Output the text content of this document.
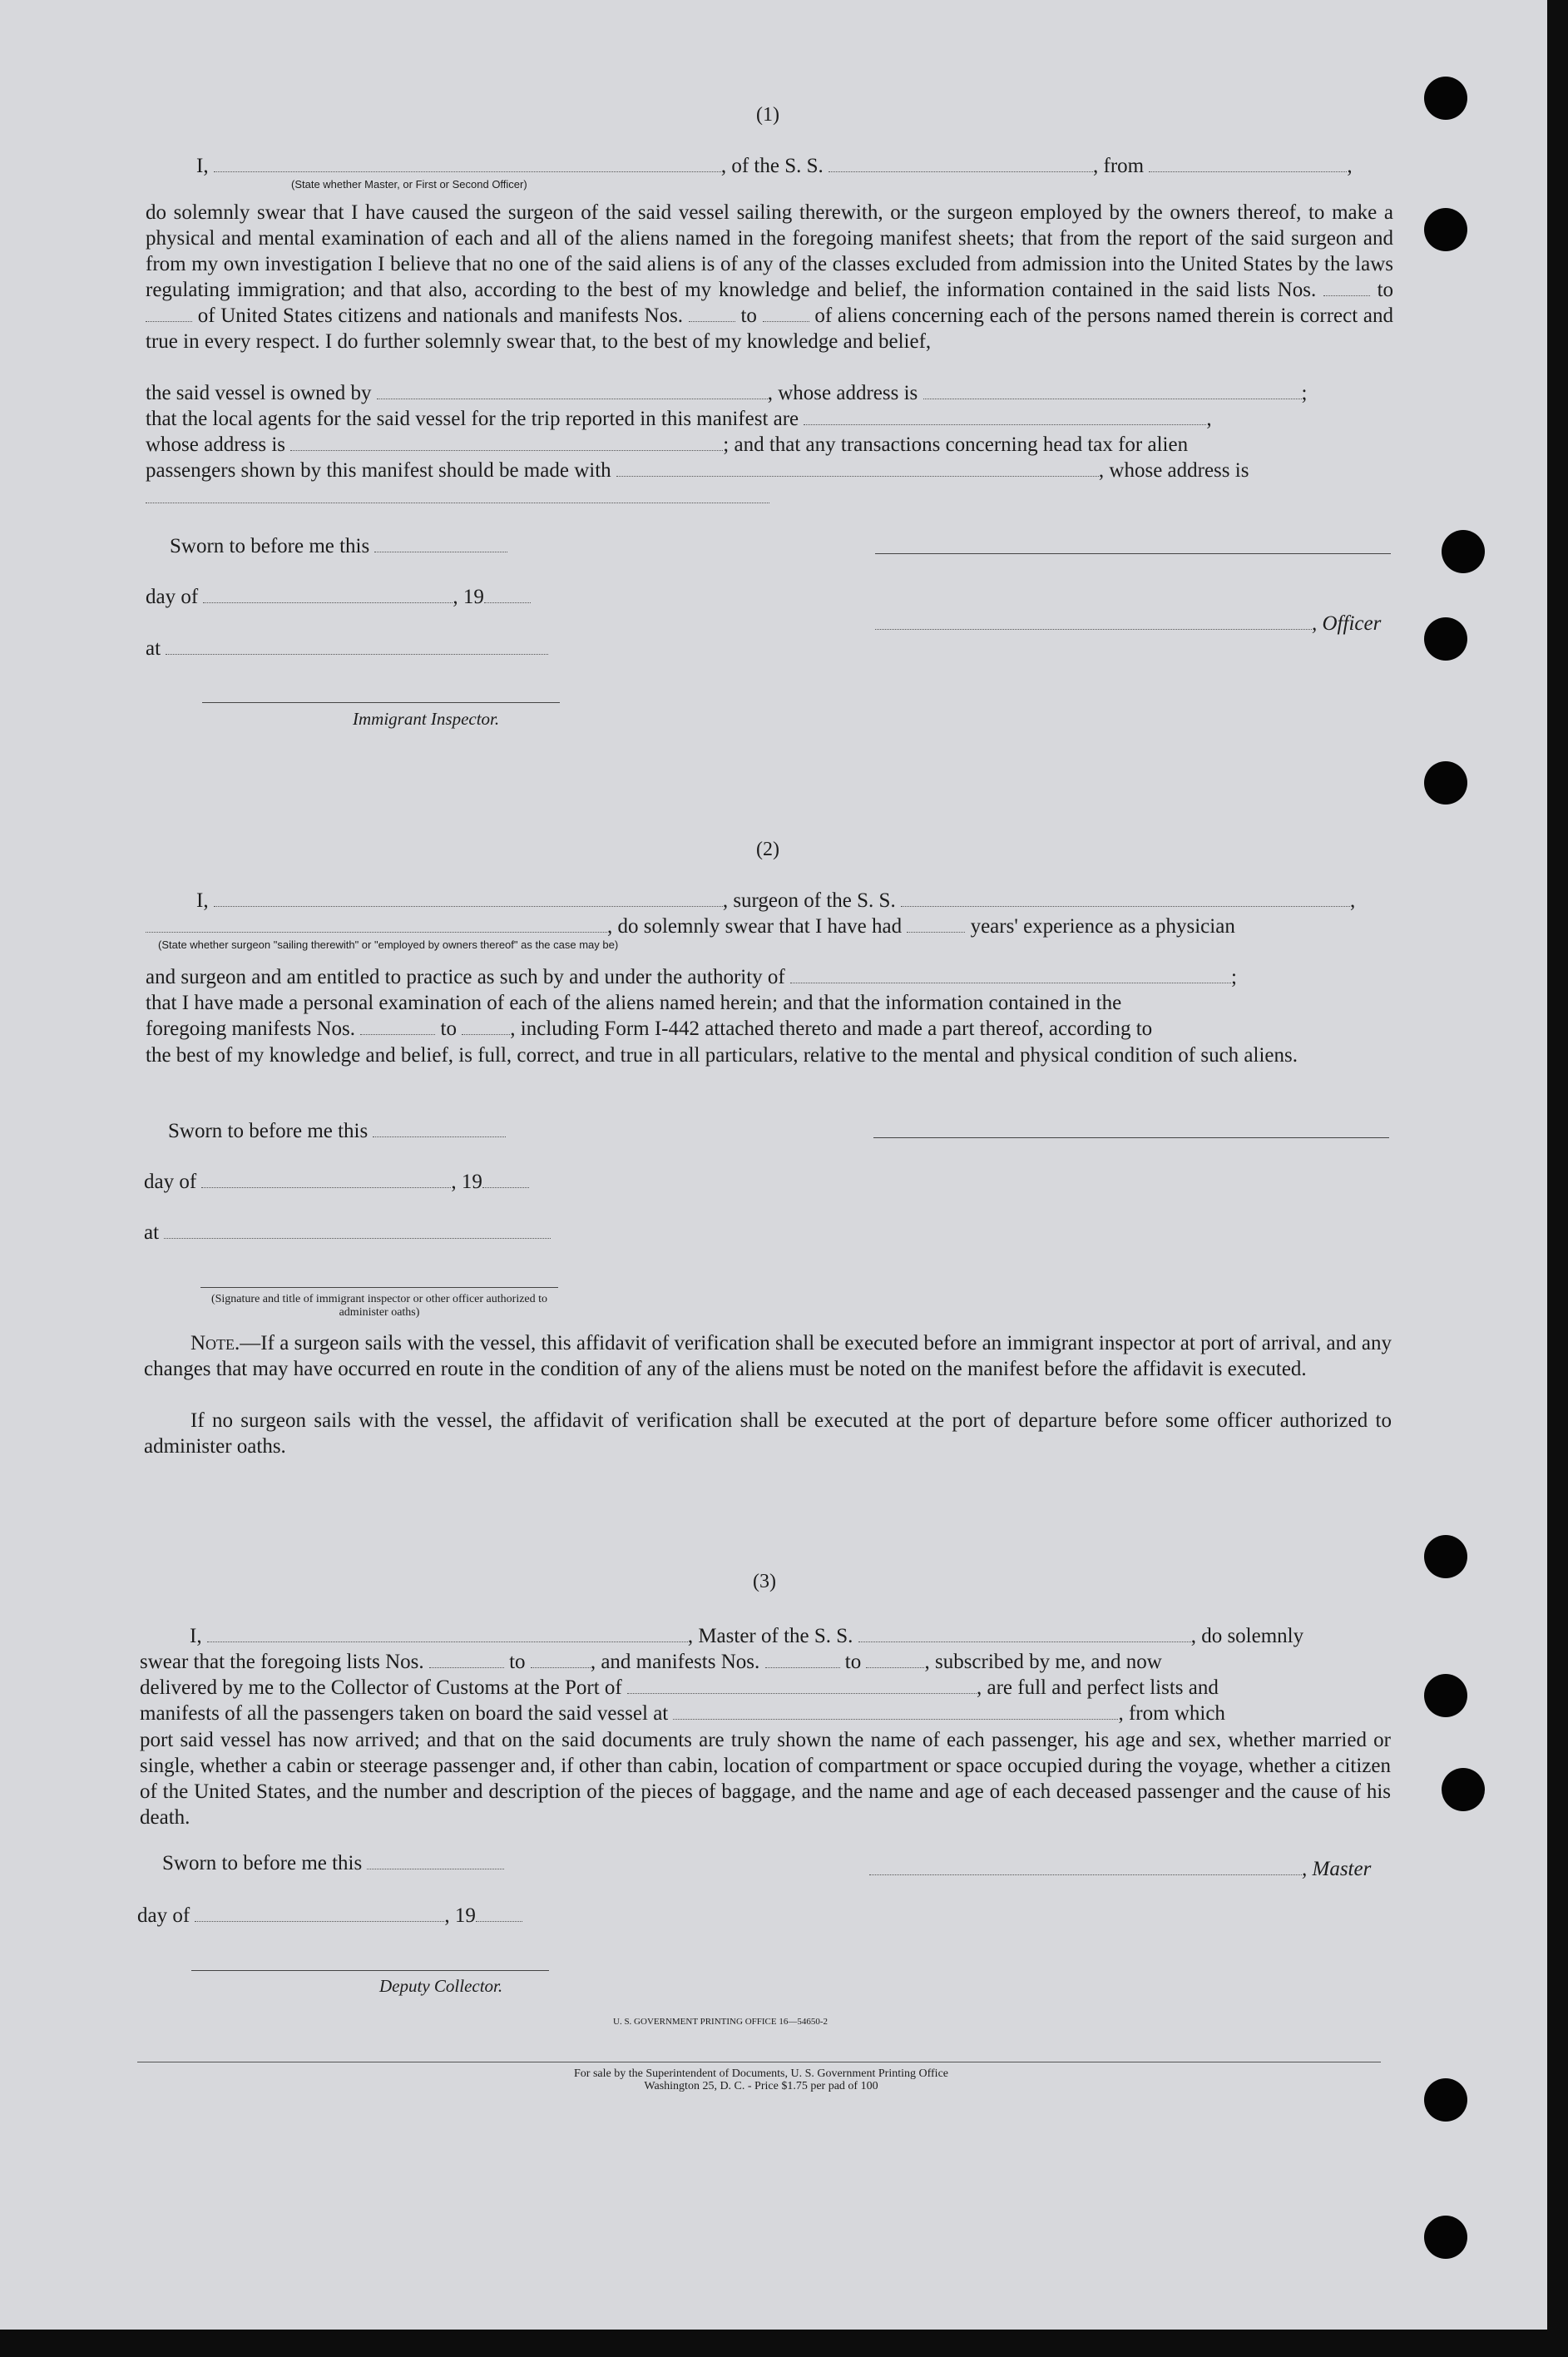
(1)
I,	, of the S. S.	, from	,
(State whether Master, or First or Second Officer)
do solemnly swear that I have caused the surgeon of the said vessel sailing therewith, or the surgeon employed by the owners thereof, to make a physical and mental examination of each and all of the aliens named in the foregoing manifest sheets; that from the report of the said surgeon and from my own investigation I believe that no one of the said aliens is of any of the classes excluded from admission into the United States by the laws regulating immigration; and that also, according to the best of my knowledge and belief, the information contained in the said lists Nos.	to  of United States citizens and nationals and manifests Nos.	to	of aliens concerning each of the persons named therein is correct and true in every respect. I do further solemnly swear that, to the best of my knowledge and belief,
the said vessel is owned by	, whose address is	;
that the local agents for the said vessel for the trip reported in this manifest are	,
whose address is	; and that any transactions concerning head tax for alien
passengers shown by this manifest should be made with	, whose address is
Sworn to before me this
day of	, 19
, Officer
at
Immigrant Inspector.
(2)
I,	, surgeon of the S. S.	,
, do solemnly swear that I have had	years' experience as a physician
(State whether surgeon "sailing therewith" or "employed by owners thereof" as the case may be)
and surgeon and am entitled to practice as such by and under the authority of	;
that I have made a personal examination of each of the aliens named herein; and that the information contained in the
foregoing manifests Nos.	to	, including Form I-442 attached thereto and made a part thereof, according to
the best of my knowledge and belief, is full, correct, and true in all particulars, relative to the mental and physical condition of such aliens.
Sworn to before me this
day of	, 19
at
(Signature and title of immigrant inspector or other officer authorized to administer oaths)
Note.—If a surgeon sails with the vessel, this affidavit of verification shall be executed before an immigrant inspector at port of arrival, and any changes that may have occurred en route in the condition of any of the aliens must be noted on the manifest before the affidavit is executed.
If no surgeon sails with the vessel, the affidavit of verification shall be executed at the port of departure before some officer authorized to administer oaths.
(3)
I,	, Master of the S. S.	, do solemnly
swear that the foregoing lists Nos.	to	, and manifests Nos.	to	, subscribed by me, and now
delivered by me to the Collector of Customs at the Port of	, are full and perfect lists and
manifests of all the passengers taken on board the said vessel at	, from which
port said vessel has now arrived; and that on the said documents are truly shown the name of each passenger, his age and sex, whether married or single, whether a cabin or steerage passenger and, if other than cabin, location of compartment or space occupied during the voyage, whether a citizen of the United States, and the number and description of the pieces of baggage, and the name and age of each deceased passenger and the cause of his death.
Sworn to before me this	, Master
day of	, 19
Deputy Collector.
U. S. GOVERNMENT PRINTING OFFICE 16—54650-2
For sale by the Superintendent of Documents, U. S. Government Printing Office
Washington 25, D. C. - Price $1.75 per pad of 100
